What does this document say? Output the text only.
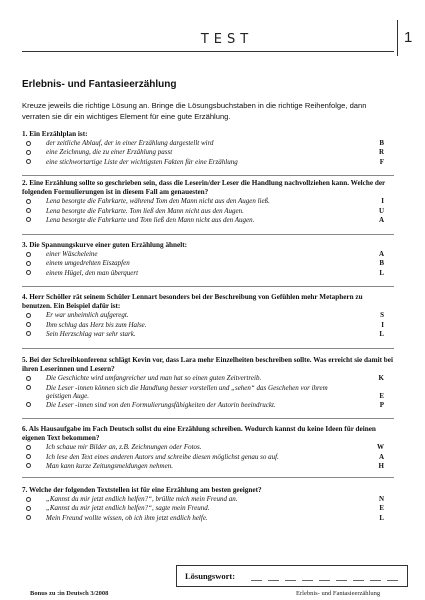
TEST	1
Erlebnis- und Fantasieerzählung
Kreuze jeweils die richtige Lösung an. Bringe die Lösungsbuchstaben in die richtige Reihenfolge, dann verraten sie dir ein wichtiges Element für eine gute Erzählung.
1. Ein Erzählplan ist:
der zeitliche Ablauf, der in einer Erzählung dargestellt wird	B
eine Zeichnung, die zu einer Erzählung passt	R
eine stichwortartige Liste der wichtigsten Fakten für eine Erzählung	F
2. Eine Erzählung sollte so geschrieben sein, dass die Leserin/der Leser die Handlung nachvollziehen kann. Welche der folgenden Formulierungen ist in diesem Fall am genauesten?
Lena besorgte die Fahrkarte, während Tom den Mann nicht aus den Augen ließ.	I
Lena besorgte die Fahrkarte. Tom ließ den Mann nicht aus den Augen.	U
Lena besorgte die Fahrkarte und Tom ließ den Mann nicht aus den Augen.	A
3. Die Spannungskurve einer guten Erzählung ähnelt:
einer Wäscheleine	A
einem umgedrehten Eiszapfen	B
einem Hügel, den man überquert	L
4. Herr Schöller rät seinem Schüler Lennart besonders bei der Beschreibung von Gefühlen mehr Metaphern zu benutzen. Ein Beispiel dafür ist:
Er war unheimlich aufgeregt.	S
Ihm schlug das Herz bis zum Halse.	I
Sein Herzschlag war sehr stark.	L
5. Bei der Schreibkonferenz schlägt Kevin vor, dass Lara mehr Einzelheiten beschreiben sollte. Was erreicht sie damit bei ihren Leserinnen und Lesern?
Die Geschichte wird umfangreicher und man hat so einen guten Zeitvertreib.	K
Die Leser -innen können sich die Handlung besser vorstellen und „sehen“ das Geschehen vor ihrem geistigen Auge.	E
Die Leser -innen sind von den Formulierungsfähigkeiten der Autorin beeindruckt.	P
6. Als Hausaufgabe im Fach Deutsch sollst du eine Erzählung schreiben. Wodurch kannst du keine Ideen für deinen eigenen Text bekommen?
Ich schaue mir Bilder an, z.B. Zeichnungen oder Fotos.	W
Ich lese den Text eines anderen Autors und schreibe diesen möglichst genau so auf.	A
Man kann kurze Zeitungsmeldungen nehmen.	H
7. Welche der folgenden Textstellen ist für eine Erzählung am besten geeignet?
„Kannst du mir jetzt endlich helfen?“, brüllte mich mein Freund an.	N
„Kannst du mir jetzt endlich helfen?“, sagte mein Freund.	E
Mein Freund wollte wissen, ob ich ihm jetzt endlich helfe.	L
Lösungswort:
Bonus zu :in Deutsch 3/2008	Erlebnis- und Fantasieerzählung
